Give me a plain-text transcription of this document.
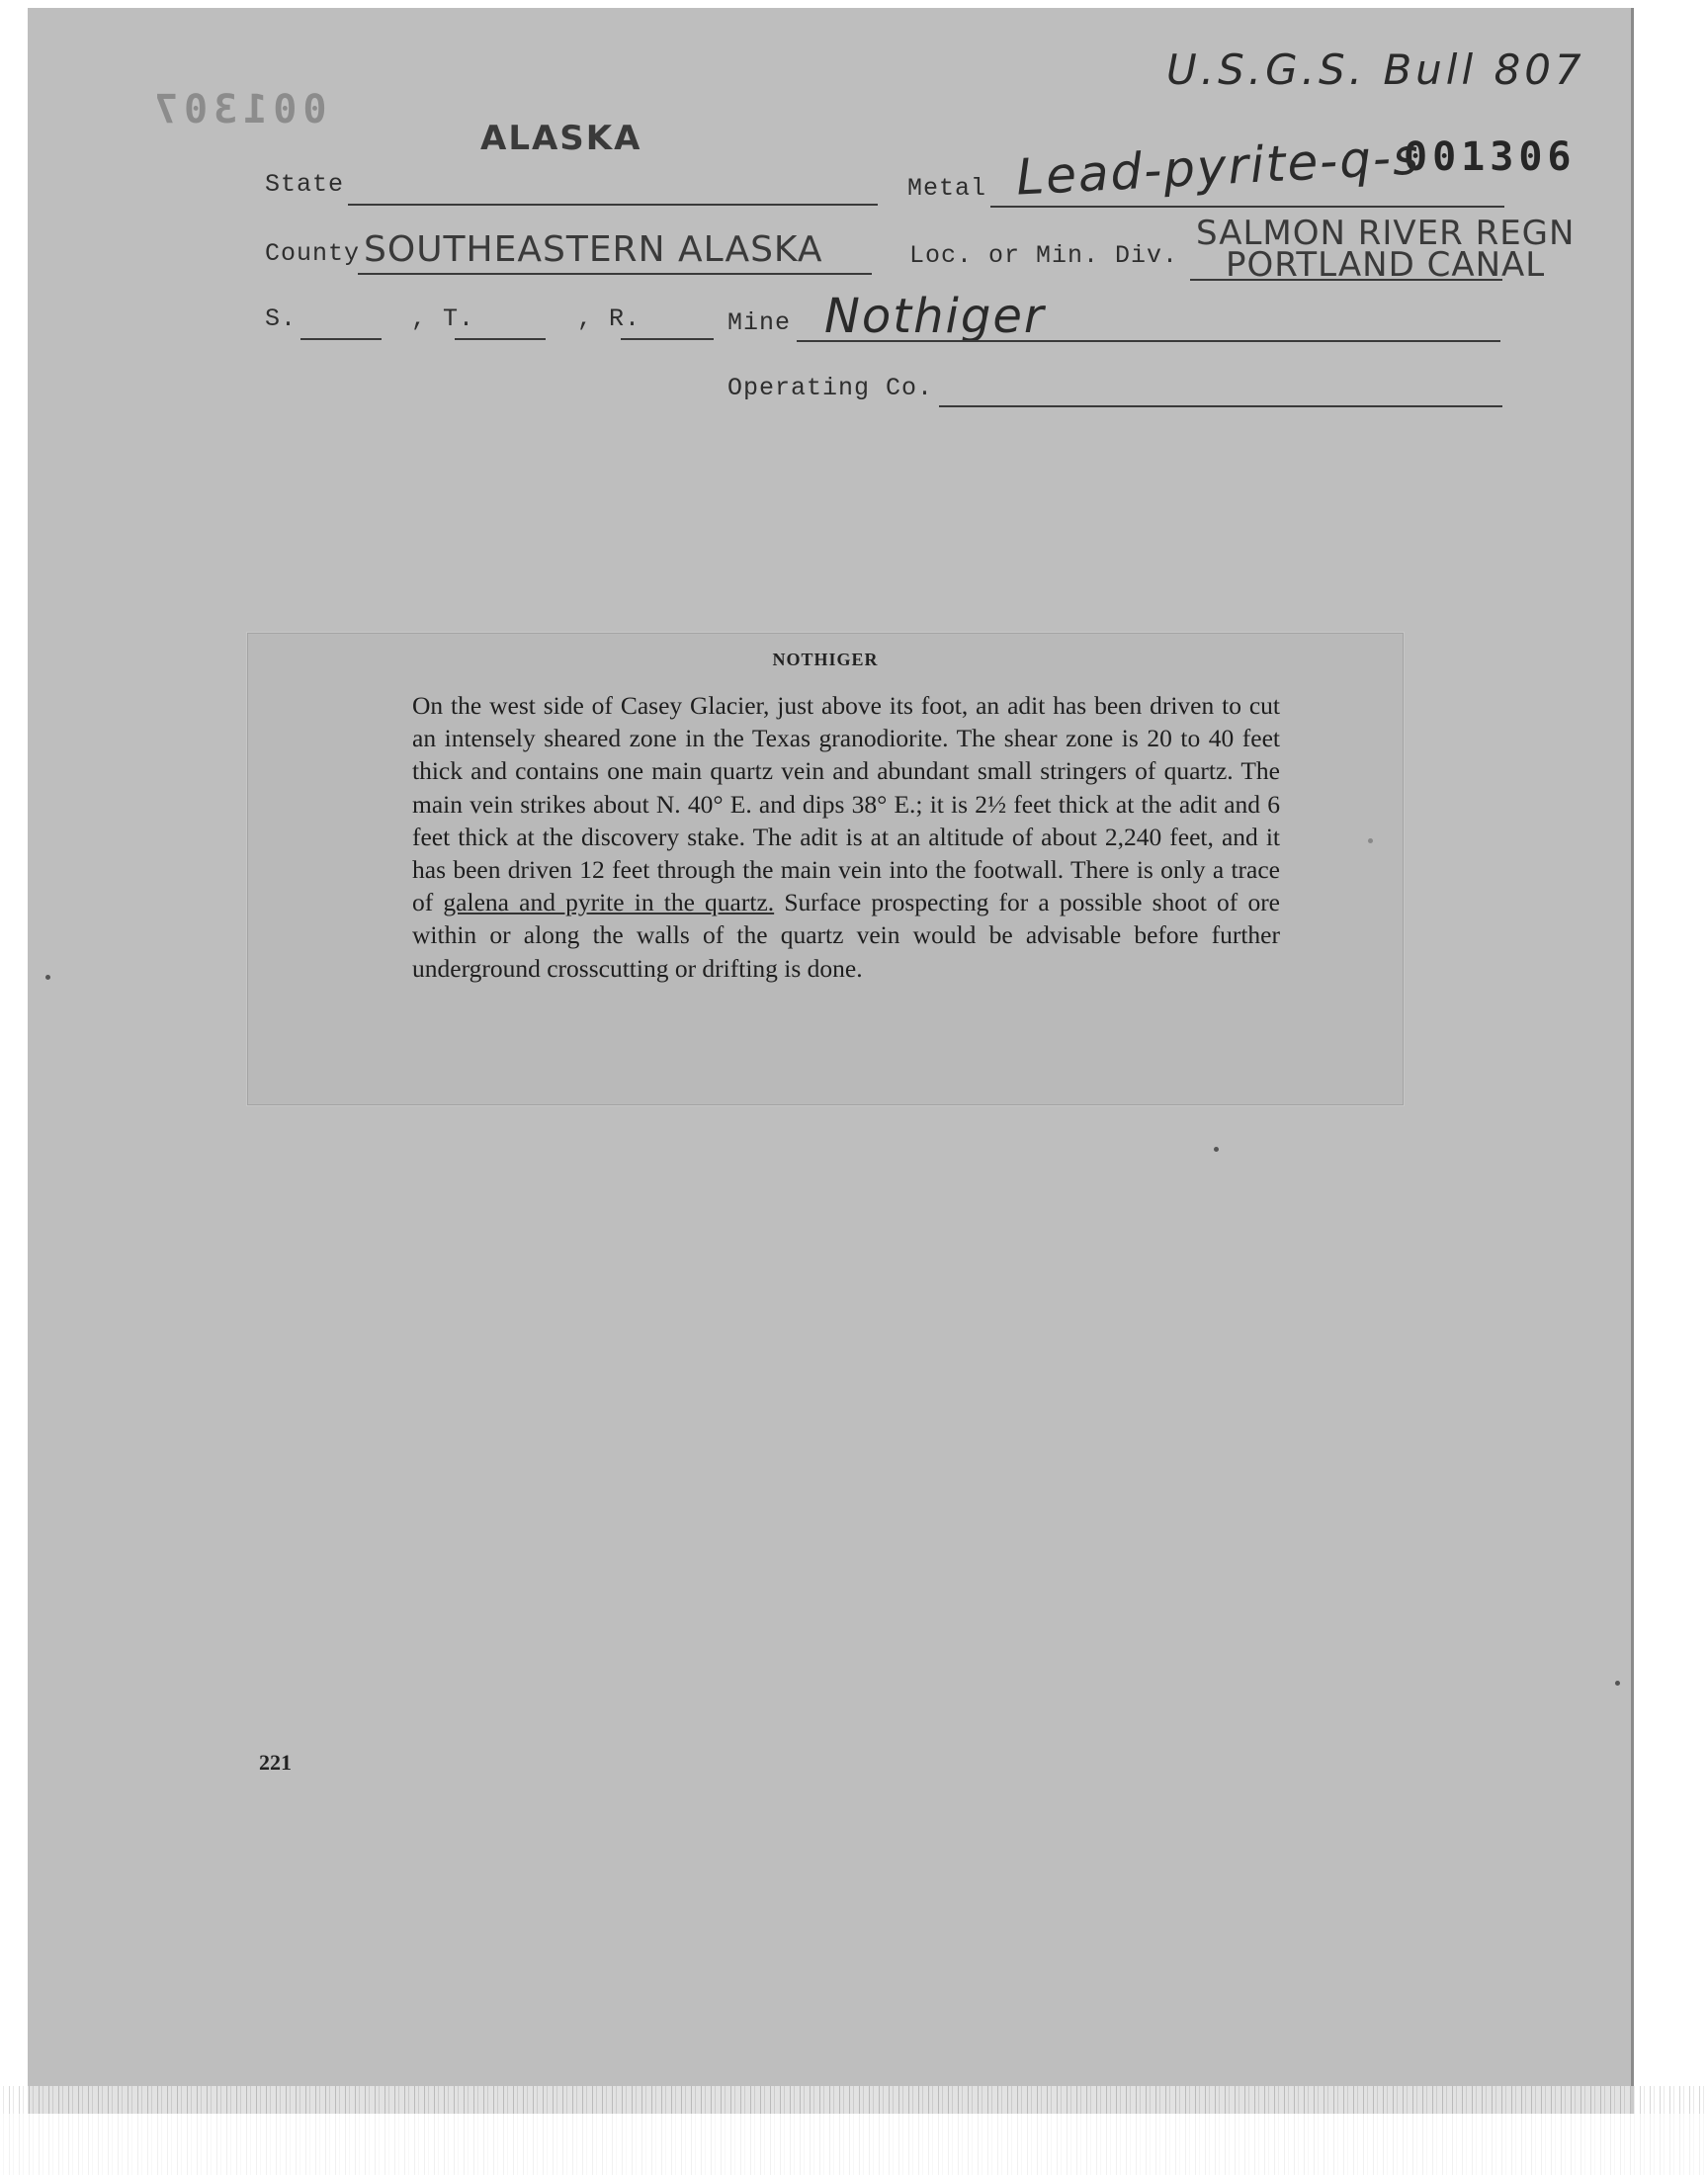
U.S.G.S. Bull 807
001307
001306
ALASKA
State	Metal Lead-pyrite-q-s
County SOUTHEASTERN ALASKA	Loc. or Min. Div.
SALMON RIVER REGN
PORTLAND CANAL
S.	, T.	, R.	Mine Nothiger
Operating Co.
NOTHIGER

On the west side of Casey Glacier, just above its foot, an adit has been driven to cut an intensely sheared zone in the Texas granodiorite. The shear zone is 20 to 40 feet thick and contains one main quartz vein and abundant small stringers of quartz. The main vein strikes about N. 40° E. and dips 38° E.; it is 2½ feet thick at the adit and 6 feet thick at the discovery stake. The adit is at an altitude of about 2,240 feet, and it has been driven 12 feet through the main vein into the footwall. There is only a trace of galena and pyrite in the quartz. Surface prospecting for a possible shoot of ore within or along the walls of the quartz vein would be advisable before further underground crosscutting or drifting is done.

221
